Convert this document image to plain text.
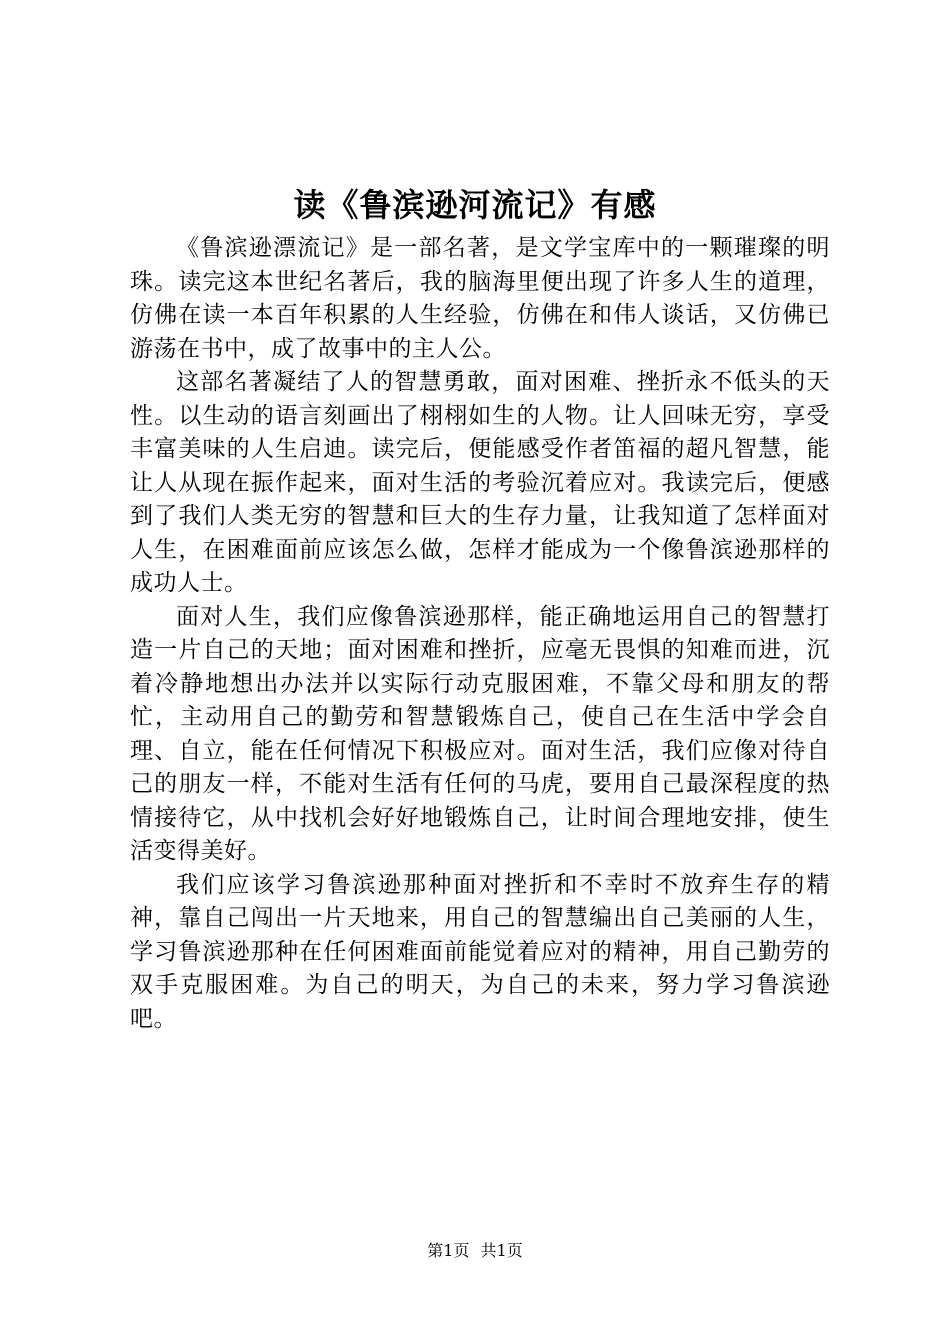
读《鲁滨逊河流记》有感

《鲁滨逊漂流记》是一部名著，是文学宝库中的一颗璀璨的明珠。读完这本世纪名著后，我的脑海里便出现了许多人生的道理，仿佛在读一本百年积累的人生经验，仿佛在和伟人谈话，又仿佛已游荡在书中，成了故事中的主人公。

这部名著凝结了人的智慧勇敢，面对困难、挫折永不低头的天性。以生动的语言刻画出了栩栩如生的人物。让人回味无穷，享受丰富美味的人生启迪。读完后，便能感受作者笛福的超凡智慧，能让人从现在振作起来，面对生活的考验沉着应对。我读完后，便感到了我们人类无穷的智慧和巨大的生存力量，让我知道了怎样面对人生，在困难面前应该怎么做，怎样才能成为一个像鲁滨逊那样的成功人士。

面对人生，我们应像鲁滨逊那样，能正确地运用自己的智慧打造一片自己的天地；面对困难和挫折，应毫无畏惧的知难而进，沉着冷静地想出办法并以实际行动克服困难，不靠父母和朋友的帮忙，主动用自己的勤劳和智慧锻炼自己，使自己在生活中学会自理、自立，能在任何情况下积极应对。面对生活，我们应像对待自己的朋友一样，不能对生活有任何的马虎，要用自己最深程度的热情接待它，从中找机会好好地锻炼自己，让时间合理地安排，使生活变得美好。

我们应该学习鲁滨逊那种面对挫折和不幸时不放弃生存的精神，靠自己闯出一片天地来，用自己的智慧编出自己美丽的人生，学习鲁滨逊那种在任何困难面前能觉着应对的精神，用自己勤劳的双手克服困难。为自己的明天，为自己的未来，努力学习鲁滨逊吧。

第1页 共1页
